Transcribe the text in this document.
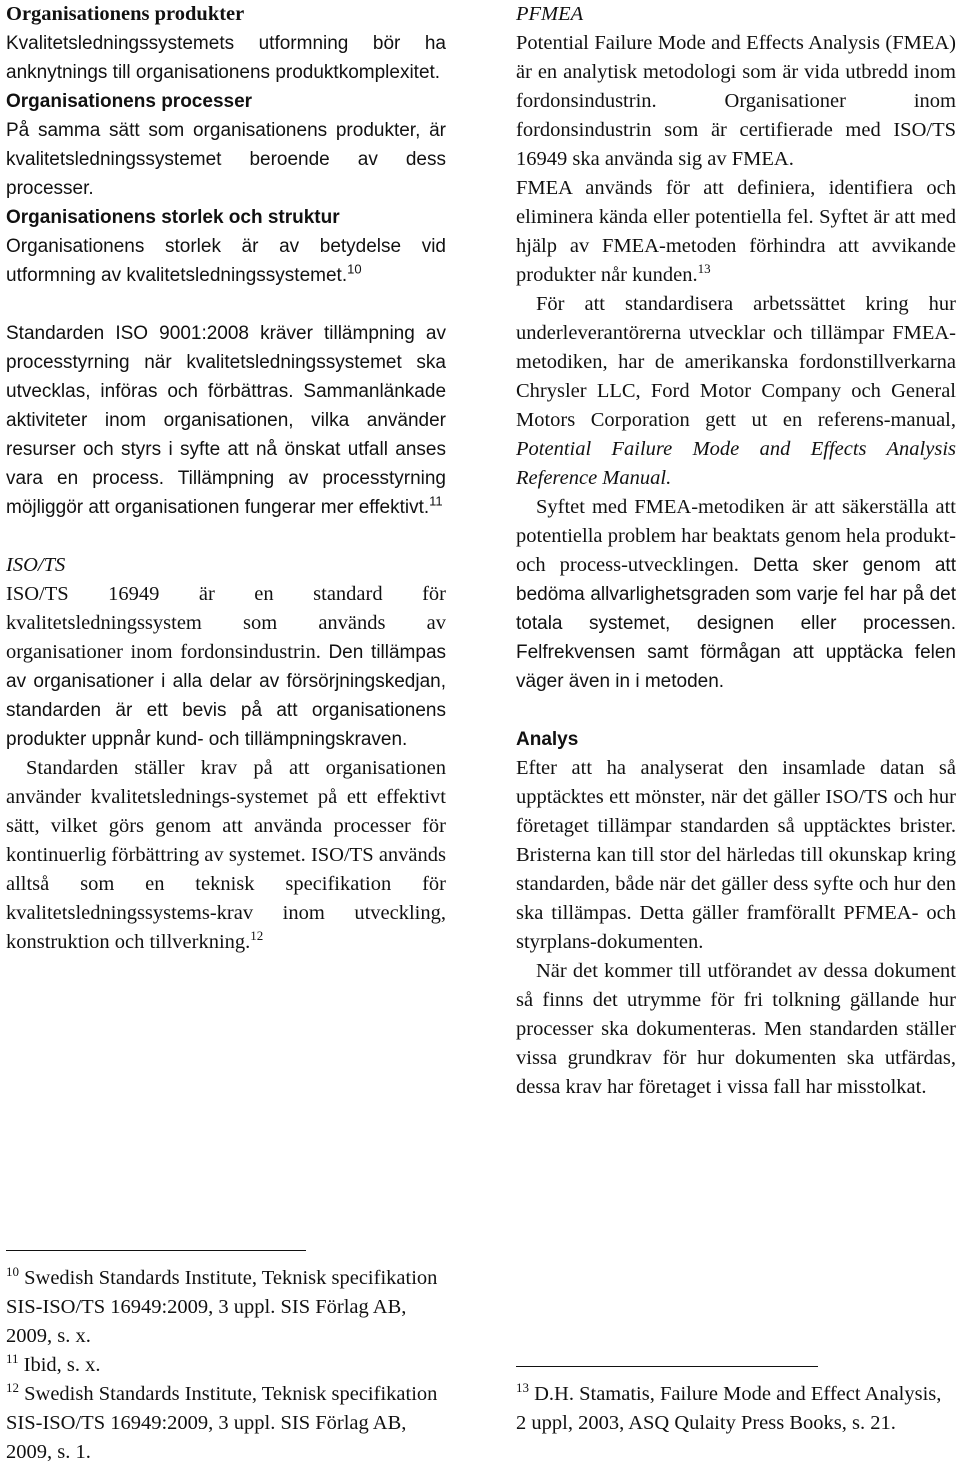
Organisationens produkter

Kvalitetsledningssystemets utformning bör ha anknytnings till organisationens produktkomplexitet.

Organisationens processer

På samma sätt som organisationens produkter, är kvalitetsledningssystemet beroende av dess processer.

Organisationens storlek och struktur

Organisationens storlek är av betydelse vid utformning av kvalitetsledningssystemet.$^{10}$

Standarden ISO 9001:2008 kräver tillämpning av processtyrning när kvalitetsledningssystemet ska utvecklas, införas och förbättras. Sammanlänkade aktiviteter inom organisationen, vilka använder resurser och styrs i syfte att nå önskat utfall anses vara en process. Tillämpning av processtyrning möjliggör att organisationen fungerar mer effektivt.$^{11}$

ISO/TS

ISO/TS 16949 är en standard för kvalitetsledningssystem som används av organisationer inom fordonsindustrin. Den tillämpas av organisationer i alla delar av försörjningskedjan, standarden är ett bevis på att organisationens produkter uppnår kund- och tillämpningskraven.

Standarden ställer krav på att organisationen använder kvalitetslednings-systemet på ett effektivt sätt, vilket görs genom att använda processer för kontinuerlig förbättring av systemet. ISO/TS används alltså som en teknisk specifikation för kvalitetsledningssystems-krav inom utveckling, konstruktion och tillverkning.$^{12}$

$^{10}$ Swedish Standards Institute, Teknisk specifikation SIS-ISO/TS 16949:2009, 3 uppl. SIS Förlag AB, 2009, s. x.
$^{11}$ Ibid, s. x.
$^{12}$ Swedish Standards Institute, Teknisk specifikation SIS-ISO/TS 16949:2009, 3 uppl. SIS Förlag AB, 2009, s. 1.

PFMEA

Potential Failure Mode and Effects Analysis (FMEA) är en analytisk metodologi som är vida utbredd inom fordonsindustrin. Organisationer inom fordonsindustrin som är certifierade med ISO/TS 16949 ska använda sig av FMEA.

FMEA används för att definiera, identifiera och eliminera kända eller potentiella fel. Syftet är att med hjälp av FMEA-metoden förhindra att avvikande produkter når kunden.$^{13}$

För att standardisera arbetssättet kring hur underleverantörerna utvecklar och tillämpar FMEA-metodiken, har de amerikanska fordonstillverkarna Chrysler LLC, Ford Motor Company och General Motors Corporation gett ut en referens-manual, Potential Failure Mode and Effects Analysis Reference Manual.

Syftet med FMEA-metodiken är att säkerställa att potentiella problem har beaktats genom hela produkt- och process-utvecklingen. Detta sker genom att bedöma allvarlighetsgraden som varje fel har på det totala systemet, designen eller processen. Felfrekvensen samt förmågan att upptäcka felen väger även in i metoden.

Analys

Efter att ha analyserat den insamlade datan så upptäcktes ett mönster, när det gäller ISO/TS och hur företaget tillämpar standarden så upptäcktes brister. Bristerna kan till stor del härledas till okunskap kring standarden, både när det gäller dess syfte och hur den ska tillämpas. Detta gäller framförallt PFMEA- och styrplans-dokumenten.

När det kommer till utförandet av dessa dokument så finns det utrymme för fri tolkning gällande hur processer ska dokumenteras. Men standarden ställer vissa grundkrav för hur dokumenten ska utfärdas, dessa krav har företaget i vissa fall har misstolkat.

$^{13}$ D.H. Stamatis, Failure Mode and Effect Analysis, 2 uppl, 2003, ASQ Qulaity Press Books, s. 21.
